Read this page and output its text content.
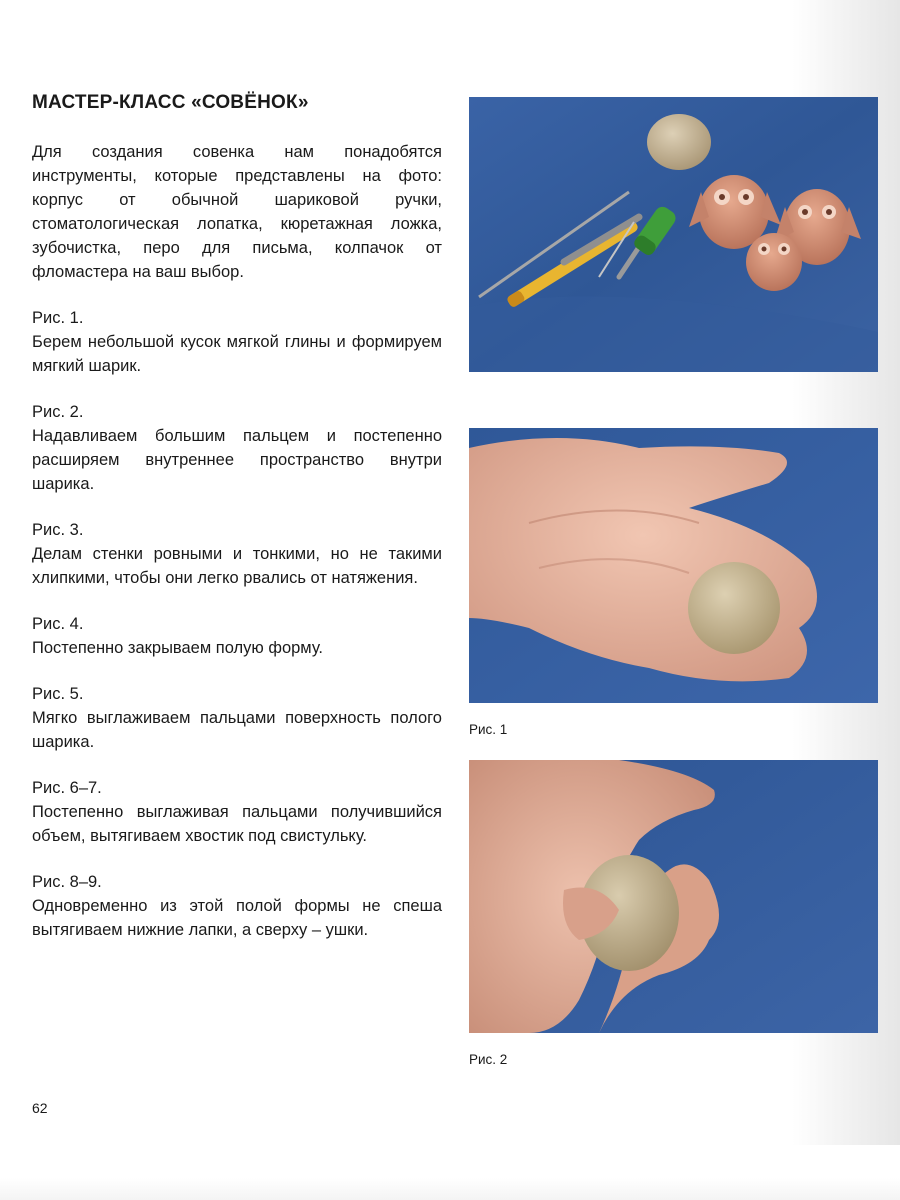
МАСТЕР-КЛАСС «СОВЁНОК»

Для создания совенка нам понадобятся инструменты, которые представлены на фото: корпус от обычной шариковой ручки, стоматологическая лопатка, кюретажная ложка, зубочистка, перо для письма, колпачок от фломастера на ваш выбор.

Рис. 1.
Берем небольшой кусок мягкой глины и формируем мягкий шарик.
Рис. 2.
Надавливаем большим пальцем и постепенно расширяем внутреннее пространство внутри шарика.
Рис. 3.
Делам стенки ровными и тонкими, но не такими хлипкими, чтобы они легко рвались от натяжения.
Рис. 4.
Постепенно закрываем полую форму.
Рис. 5.
Мягко выглаживаем пальцами поверхность полого шарика.
Рис. 6–7.
Постепенно выглаживая пальцами получившийся объем, вытягиваем хвостик под свистульку.
Рис. 8–9.
Одновременно из этой полой формы не спеша вытягиваем нижние лапки, а сверху – ушки.
Рис. 1
Рис. 2
62
